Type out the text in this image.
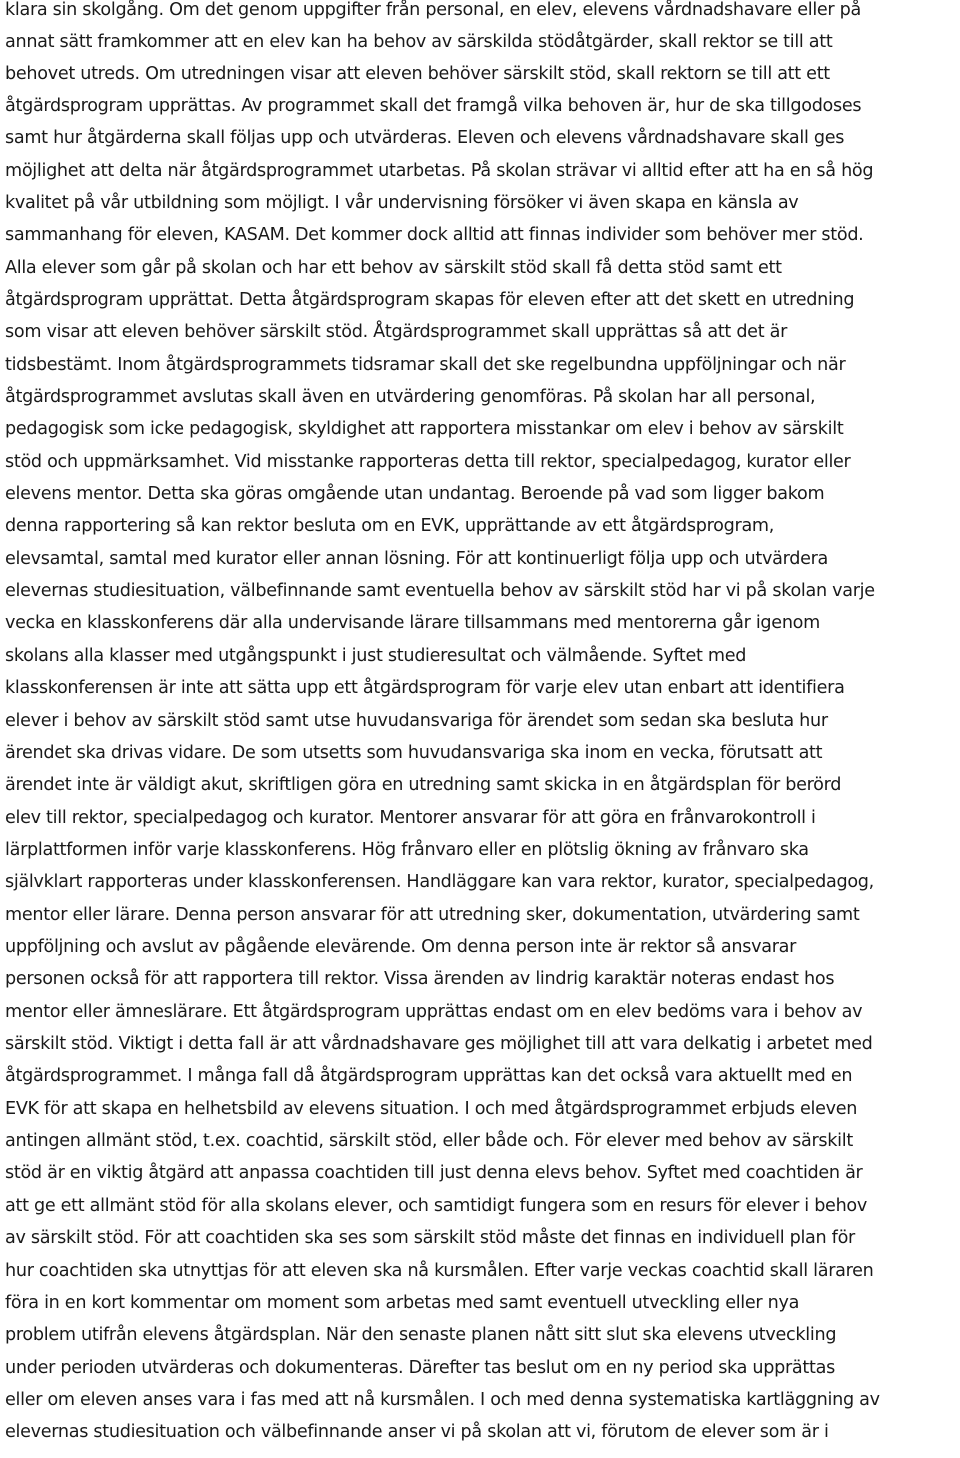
klara sin skolgång. Om det genom uppgifter från personal, en elev, elevens vårdnadshavare eller på
annat sätt framkommer att en elev kan ha behov av särskilda stödåtgärder, skall rektor se till att
behovet utreds. Om utredningen visar att eleven behöver särskilt stöd, skall rektorn se till att ett
åtgärdsprogram upprättas. Av programmet skall det framgå vilka behoven är, hur de ska tillgodoses
samt hur åtgärderna skall följas upp och utvärderas. Eleven och elevens vårdnadshavare skall ges
möjlighet att delta när åtgärdsprogrammet utarbetas. På skolan strävar vi alltid efter att ha en så hög
kvalitet på vår utbildning som möjligt. I vår undervisning försöker vi även skapa en känsla av
sammanhang för eleven, KASAM. Det kommer dock alltid att finnas individer som behöver mer stöd.
Alla elever som går på skolan och har ett behov av särskilt stöd skall få detta stöd samt ett
åtgärdsprogram upprättat. Detta åtgärdsprogram skapas för eleven efter att det skett en utredning
som visar att eleven behöver särskilt stöd. Åtgärdsprogrammet skall upprättas så att det är
tidsbestämt. Inom åtgärdsprogrammets tidsramar skall det ske regelbundna uppföljningar och när
åtgärdsprogrammet avslutas skall även en utvärdering genomföras. På skolan har all personal,
pedagogisk som icke pedagogisk, skyldighet att rapportera misstankar om elev i behov av särskilt
stöd och uppmärksamhet. Vid misstanke rapporteras detta till rektor, specialpedagog, kurator eller
elevens mentor. Detta ska göras omgående utan undantag. Beroende på vad som ligger bakom
denna rapportering så kan rektor besluta om en EVK, upprättande av ett åtgärdsprogram,
elevsamtal, samtal med kurator eller annan lösning. För att kontinuerligt följa upp och utvärdera
elevernas studiesituation, välbefinnande samt eventuella behov av särskilt stöd har vi på skolan varje
vecka en klasskonferens där alla undervisande lärare tillsammans med mentorerna går igenom
skolans alla klasser med utgångspunkt i just studieresultat och välmående. Syftet med
klasskonferensen är inte att sätta upp ett åtgärdsprogram för varje elev utan enbart att identifiera
elever i behov av särskilt stöd samt utse huvudansvariga för ärendet som sedan ska besluta hur
ärendet ska drivas vidare. De som utsetts som huvudansvariga ska inom en vecka, förutsatt att
ärendet inte är väldigt akut, skriftligen göra en utredning samt skicka in en åtgärdsplan för berörd
elev till rektor, specialpedagog och kurator. Mentorer ansvarar för att göra en frånvarokontroll i
lärplattformen inför varje klasskonferens. Hög frånvaro eller en plötslig ökning av frånvaro ska
självklart rapporteras under klasskonferensen. Handläggare kan vara rektor, kurator, specialpedagog,
mentor eller lärare. Denna person ansvarar för att utredning sker, dokumentation, utvärdering samt
uppföljning och avslut av pågående elevärende. Om denna person inte är rektor så ansvarar
personen också för att rapportera till rektor. Vissa ärenden av lindrig karaktär noteras endast hos
mentor eller ämneslärare. Ett åtgärdsprogram upprättas endast om en elev bedöms vara i behov av
särskilt stöd. Viktigt i detta fall är att vårdnadshavare ges möjlighet till att vara delkatig i arbetet med
åtgärdsprogrammet. I många fall då åtgärdsprogram upprättas kan det också vara aktuellt med en
EVK för att skapa en helhetsbild av elevens situation. I och med åtgärdsprogrammet erbjuds eleven
antingen allmänt stöd, t.ex. coachtid, särskilt stöd, eller både och. För elever med behov av särskilt
stöd är en viktig åtgärd att anpassa coachtiden till just denna elevs behov. Syftet med coachtiden är
att ge ett allmänt stöd för alla skolans elever, och samtidigt fungera som en resurs för elever i behov
av särskilt stöd. För att coachtiden ska ses som särskilt stöd måste det finnas en individuell plan för
hur coachtiden ska utnyttjas för att eleven ska nå kursmålen. Efter varje veckas coachtid skall läraren
föra in en kort kommentar om moment som arbetas med samt eventuell utveckling eller nya
problem utifrån elevens åtgärdsplan. När den senaste planen nått sitt slut ska elevens utveckling
under perioden utvärderas och dokumenteras. Därefter tas beslut om en ny period ska upprättas
eller om eleven anses vara i fas med att nå kursmålen. I och med denna systematiska kartläggning av
elevernas studiesituation och välbefinnande anser vi på skolan att vi, förutom de elever som är i
